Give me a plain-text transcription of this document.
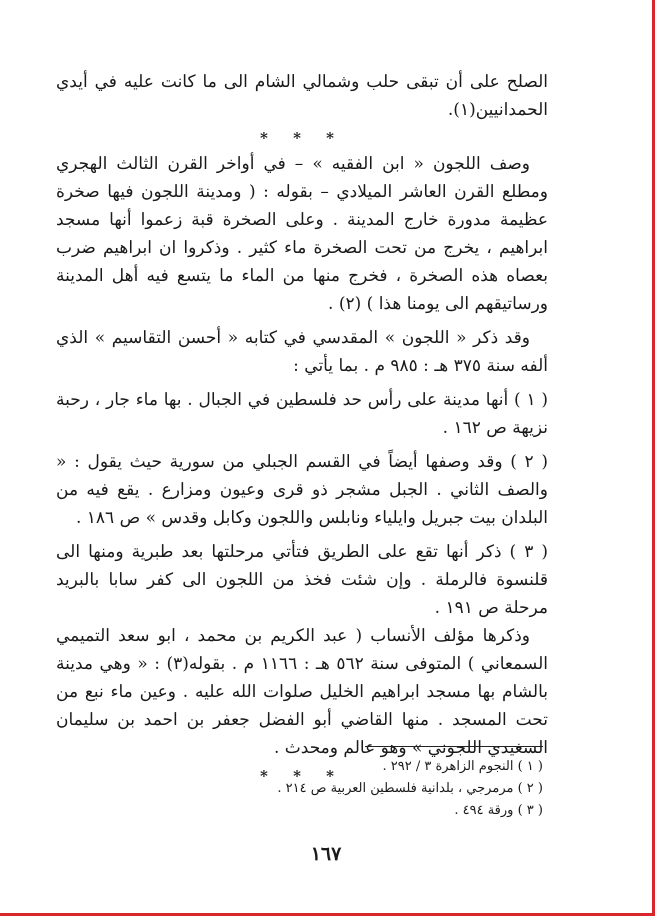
الصلح على أن تبقى حلب وشمالي الشام الى ما كانت عليه في أيدي الحمدانيين(١).

* * *

وصف اللجون « ابن الفقيه » – في أواخر القرن الثالث الهجري ومطلع القرن العاشر الميلادي – بقوله : ( ومدينة اللجون فيها صخرة عظيمة مدورة خارج المدينة . وعلى الصخرة قبة زعموا أنها مسجد ابراهيم ، يخرج من تحت الصخرة ماء كثير . وذكروا ان ابراهيم ضرب بعصاه هذه الصخرة ، فخرج منها من الماء ما يتسع فيه أهل المدينة ورساتيقهم الى يومنا هذا ) (٢) .

وقد ذكر « اللجون » المقدسي في كتابه « أحسن التقاسيم » الذي ألفه سنة ٣٧٥ هـ : ٩٨٥ م . بما يأتي :

( ١ ) أنها مدينة على رأس حد فلسطين في الجبال . بها ماء جار ، رحبة نزيهة ص ١٦٢ .

( ٢ ) وقد وصفها أيضاً في القسم الجبلي من سورية حيث يقول : « والصف الثاني . الجبل مشجر ذو قرى وعيون ومزارع . يقع فيه من البلدان بيت جبريل وايلياء ونابلس واللجون وكابل وقدس » ص ١٨٦ .

( ٣ ) ذكر أنها تقع على الطريق فتأتي مرحلتها بعد طبرية ومنها الى قلنسوة فالرملة . وإن شئت فخذ من اللجون الى كفر سابا بالبريد مرحلة ص ١٩١ .

وذكرها مؤلف الأنساب ( عبد الكريم بن محمد ، ابو سعد التميمي السمعاني ) المتوفى سنة ٥٦٢ هـ : ١١٦٦ م . بقوله(٣) : « وهي مدينة بالشام بها مسجد ابراهيم الخليل صلوات الله عليه . وعين ماء نبع من تحت المسجد . منها القاضي أبو الفضل جعفر بن احمد بن سليمان السغيدي اللجوني » وهو عالم ومحدث .

* * *
( ١ ) النجوم الزاهرة ٣ / ٢٩٢ .
( ٢ ) مرمرجي ، بلدانية فلسطين العربية ص ٢١٤ .
( ٣ ) ورقة ٤٩٤ .
١٦٧
